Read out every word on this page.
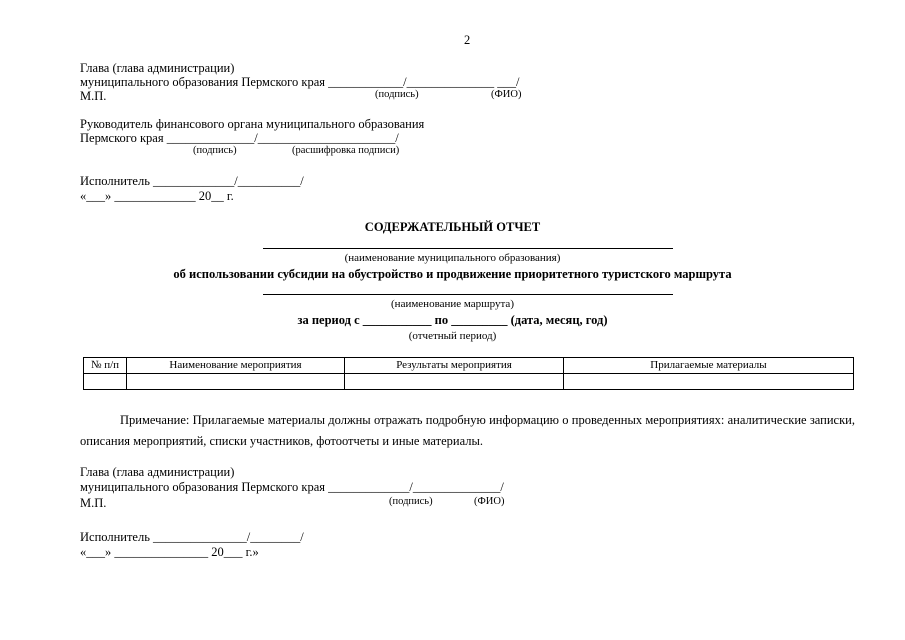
2
Глава (глава администрации)
муниципального образования Пермского края ____________/______________ ___/
М.П.	(подпись)	(ФИО)
Руководитель финансового органа муниципального образования
Пермского края ______________/______________________/
(подпись)	(расшифровка подписи)
Исполнитель _____________/__________/
«___» _____________ 20__ г.
СОДЕРЖАТЕЛЬНЫЙ ОТЧЕТ
(наименование муниципального образования)
об использовании субсидии на обустройство и продвижение приоритетного туристского маршрута
(наименование маршрута)
за период с ___________ по _________ (дата, месяц, год)
(отчетный период)
№ п/п	Наименование мероприятия	Результаты мероприятия	Прилагаемые материалы

Примечание: Прилагаемые материалы должны отражать подробную информацию о проведенных мероприятиях: аналитические записки, описания мероприятий, списки участников, фотоотчеты и иные материалы.
Глава (глава администрации)
муниципального образования Пермского края _____________/______________/
М.П.	(подпись)	(ФИО)
Исполнитель _______________/________/
«___» _______________ 20___ г.»
